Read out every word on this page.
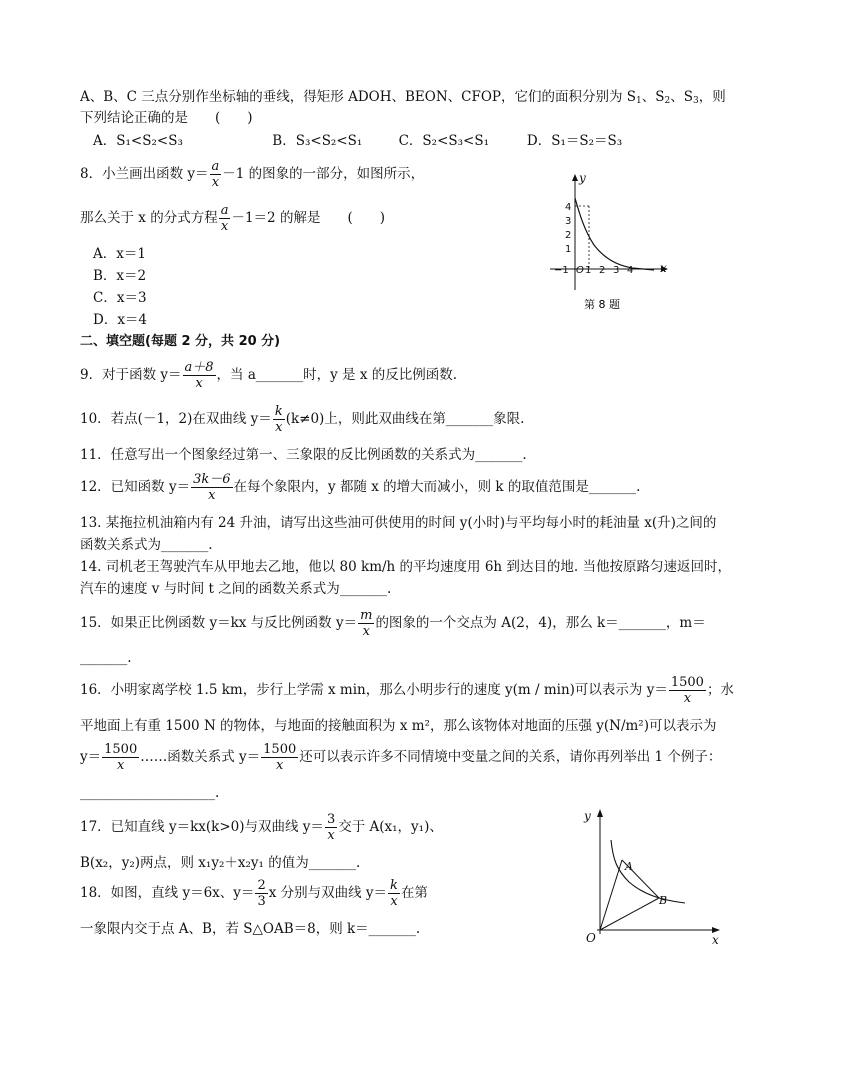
A、B、C 三点分别作坐标轴的垂线，得矩形 ADOH、BEON、CFOP，它们的面积分别为 $S_1$、$S_2$、$S_3$，则
下列结论正确的是　　(　　)
A．S₁<S₂<S₃	B．S₃<S₂<S₁	C．S₂<S₃<S₁	D．S₁＝S₂＝S₃
8．小兰画出函数 $y= \frac{a}{x} -1$ 的图象的一部分，如图所示，
那么关于 x 的分式方程 $\frac{a}{x} -1=2$ 的解是　　(　　)
A．x＝1
B．x＝2
C．x＝3
D．x＝4
y
x
O
−1 1 2 3 4
4
3
2
1
第 8 题
二、填空题(每题 2 分，共 20 分)
9．对于函数 $y= \frac{a+8}{x}$ ，当 a_______时，y 是 x 的反比例函数.
10．若点(－1，2)在双曲线 $y= \frac{k}{x} (k\ne 0)$上，则此双曲线在第_______象限.
11．任意写出一个图象经过第一、三象限的反比例函数的关系式为_______.
12．已知函数 $y= \frac{3k-6}{x}$ 在每个象限内，y 都随 x 的增大而减小，则 k 的取值范围是_______.
13. 某拖拉机油箱内有 24 升油，请写出这些油可供使用的时间 y(小时)与平均每小时的耗油量 x(升)之间的
函数关系式为_______.
14. 司机老王驾驶汽车从甲地去乙地，他以 80 km/h 的平均速度用 6h 到达目的地. 当他按原路匀速返回时，
汽车的速度 v 与时间 t 之间的函数关系式为_______.
15．如果正比例函数 y＝kx 与反比例函数 $y= \frac{m}{x}$ 的图象的一个交点为 A(2，4)，那么 k＝_______，m＝
_______.
16．小明家离学校 1.5 km，步行上学需 x min，那么小明步行的速度 y(m / min)可以表示为 $y= \frac{1500}{x}$ ；水
平地面上有重 1500 N 的物体，与地面的接触面积为 x m²，那么该物体对地面的压强 y(N/m²)可以表示为
$y= \frac{1500}{x}$ ……函数关系式 $y= \frac{1500}{x}$ 还可以表示许多不同情境中变量之间的关系，请你再列举出 1 个例子：
____________________.
17．已知直线 y＝kx(k>0)与双曲线 $y= \frac{3}{x}$ 交于 A(x₁，y₁)、
B(x₂，y₂)两点，则 x₁y₂＋x₂y₁ 的值为_______.
18．如图，直线 y＝6x、$y= \frac{2}{3}$ x 分别与双曲线 $y= \frac{k}{x}$ 在第
一象限内交于点 A、B，若 S△OAB＝8，则 k＝_______.
y
x
O
A
B
